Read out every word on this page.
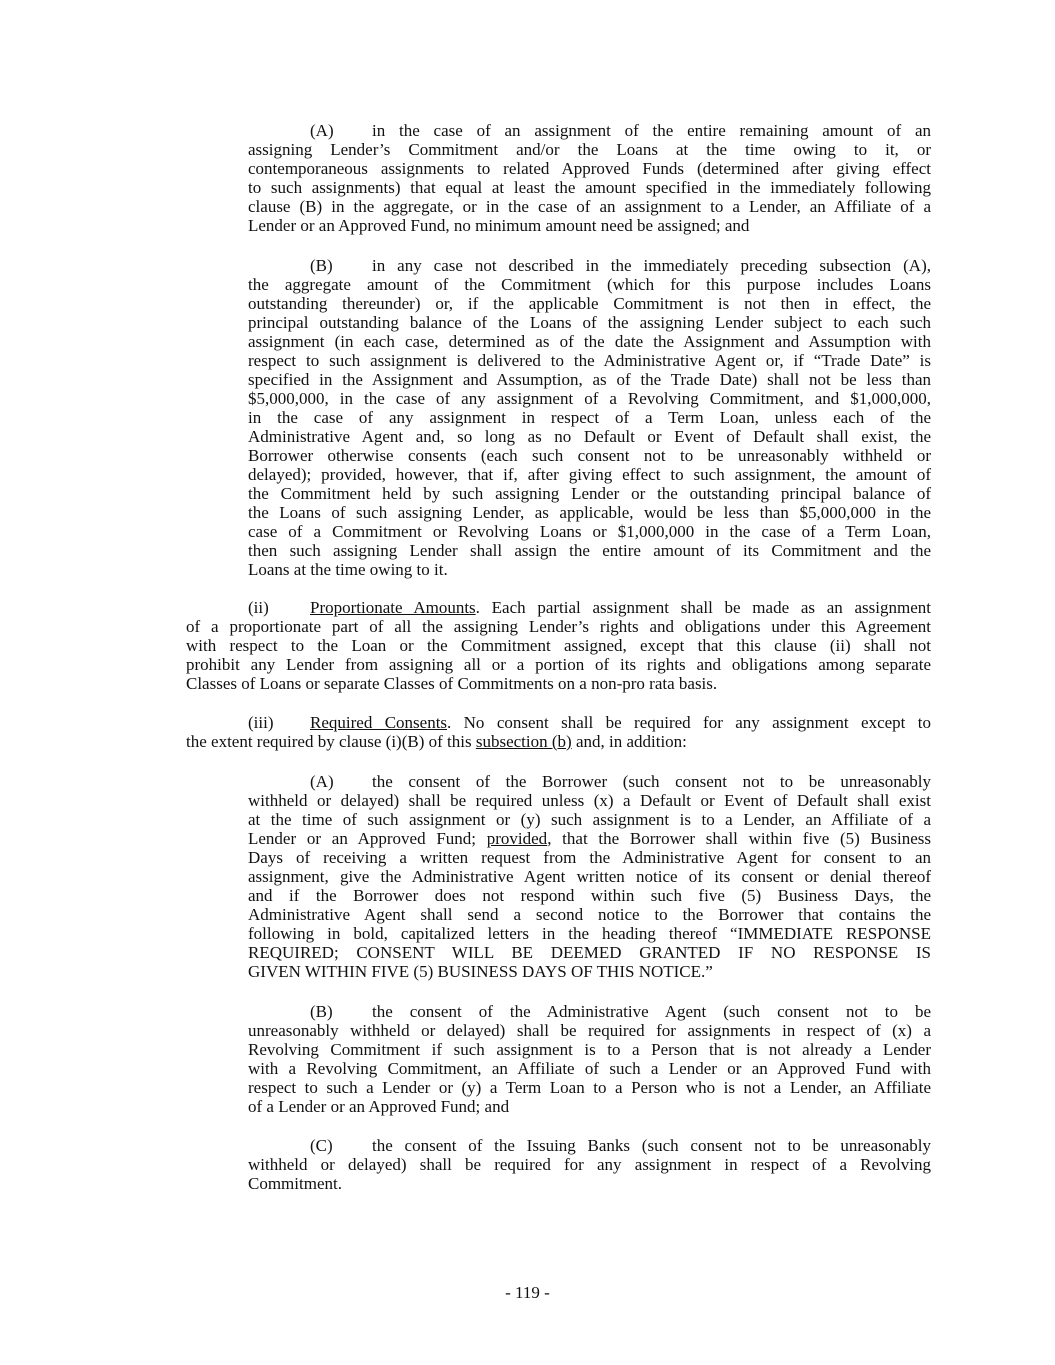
(A) in the case of an assignment of the entire remaining amount of an
assigning Lender’s Commitment and/or the Loans at the time owing to it, or
contemporaneous assignments to related Approved Funds (determined after giving effect
to such assignments) that equal at least the amount specified in the immediately following
clause (B) in the aggregate, or in the case of an assignment to a Lender, an Affiliate of a
Lender or an Approved Fund, no minimum amount need be assigned; and
(B) in any case not described in the immediately preceding subsection (A),
the aggregate amount of the Commitment (which for this purpose includes Loans
outstanding thereunder) or, if the applicable Commitment is not then in effect, the
principal outstanding balance of the Loans of the assigning Lender subject to each such
assignment (in each case, determined as of the date the Assignment and Assumption with
respect to such assignment is delivered to the Administrative Agent or, if “Trade Date” is
specified in the Assignment and Assumption, as of the Trade Date) shall not be less than
$5,000,000, in the case of any assignment of a Revolving Commitment, and $1,000,000,
in the case of any assignment in respect of a Term Loan, unless each of the
Administrative Agent and, so long as no Default or Event of Default shall exist, the
Borrower otherwise consents (each such consent not to be unreasonably withheld or
delayed); provided, however, that if, after giving effect to such assignment, the amount of
the Commitment held by such assigning Lender or the outstanding principal balance of
the Loans of such assigning Lender, as applicable, would be less than $5,000,000 in the
case of a Commitment or Revolving Loans or $1,000,000 in the case of a Term Loan,
then such assigning Lender shall assign the entire amount of its Commitment and the
Loans at the time owing to it.
(ii) Proportionate Amounts. Each partial assignment shall be made as an assignment
of a proportionate part of all the assigning Lender’s rights and obligations under this Agreement
with respect to the Loan or the Commitment assigned, except that this clause (ii) shall not
prohibit any Lender from assigning all or a portion of its rights and obligations among separate
Classes of Loans or separate Classes of Commitments on a non-pro rata basis.
(iii) Required Consents. No consent shall be required for any assignment except to
the extent required by clause (i)(B) of this subsection (b) and, in addition:
(A) the consent of the Borrower (such consent not to be unreasonably
withheld or delayed) shall be required unless (x) a Default or Event of Default shall exist
at the time of such assignment or (y) such assignment is to a Lender, an Affiliate of a
Lender or an Approved Fund; provided, that the Borrower shall within five (5) Business
Days of receiving a written request from the Administrative Agent for consent to an
assignment, give the Administrative Agent written notice of its consent or denial thereof
and if the Borrower does not respond within such five (5) Business Days, the
Administrative Agent shall send a second notice to the Borrower that contains the
following in bold, capitalized letters in the heading thereof “IMMEDIATE RESPONSE
REQUIRED; CONSENT WILL BE DEEMED GRANTED IF NO RESPONSE IS
GIVEN WITHIN FIVE (5) BUSINESS DAYS OF THIS NOTICE.”
(B) the consent of the Administrative Agent (such consent not to be
unreasonably withheld or delayed) shall be required for assignments in respect of (x) a
Revolving Commitment if such assignment is to a Person that is not already a Lender
with a Revolving Commitment, an Affiliate of such a Lender or an Approved Fund with
respect to such a Lender or (y) a Term Loan to a Person who is not a Lender, an Affiliate
of a Lender or an Approved Fund; and
(C) the consent of the Issuing Banks (such consent not to be unreasonably
withheld or delayed) shall be required for any assignment in respect of a Revolving
Commitment.
- 119 -
